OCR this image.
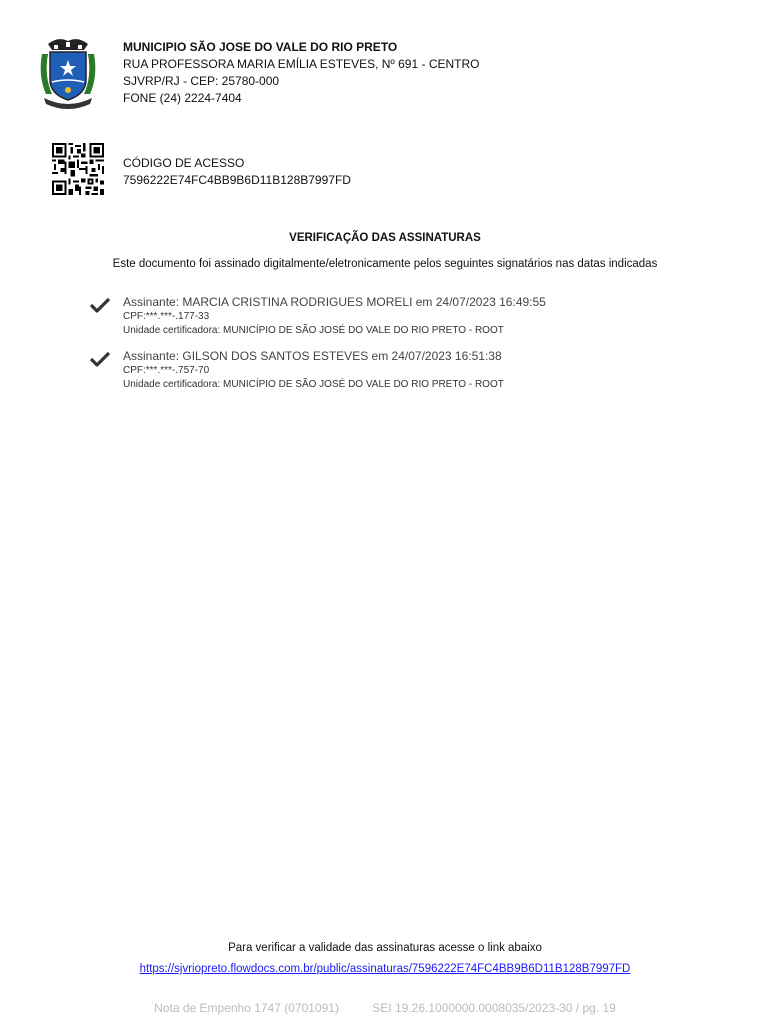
MUNICIPIO SÃO JOSE DO VALE DO RIO PRETO
RUA PROFESSORA MARIA EMÍLIA ESTEVES, Nº 691 - CENTRO
SJVRP/RJ - CEP: 25780-000
FONE (24) 2224-7404
CÓDIGO DE ACESSO
7596222E74FC4BB9B6D11B128B7997FD
VERIFICAÇÃO DAS ASSINATURAS
Este documento foi assinado digitalmente/eletronicamente pelos seguintes signatários nas datas indicadas
Assinante: MARCIA CRISTINA RODRIGUES MORELI em 24/07/2023 16:49:55
CPF:***.***-.177-33
Unidade certificadora: MUNICÍPIO DE SÃO JOSÉ DO VALE DO RIO PRETO - ROOT
Assinante: GILSON DOS SANTOS ESTEVES em 24/07/2023 16:51:38
CPF:***.***-.757-70
Unidade certificadora: MUNICÍPIO DE SÃO JOSÉ DO VALE DO RIO PRETO - ROOT
Para verificar a validade das assinaturas acesse o link abaixo
https://sjvriopreto.flowdocs.com.br/public/assinaturas/7596222E74FC4BB9B6D11B128B7997FD
Nota de Empenho 1747 (0701091)	SEI 19.26.1000000.0008035/2023-30 / pg. 19
